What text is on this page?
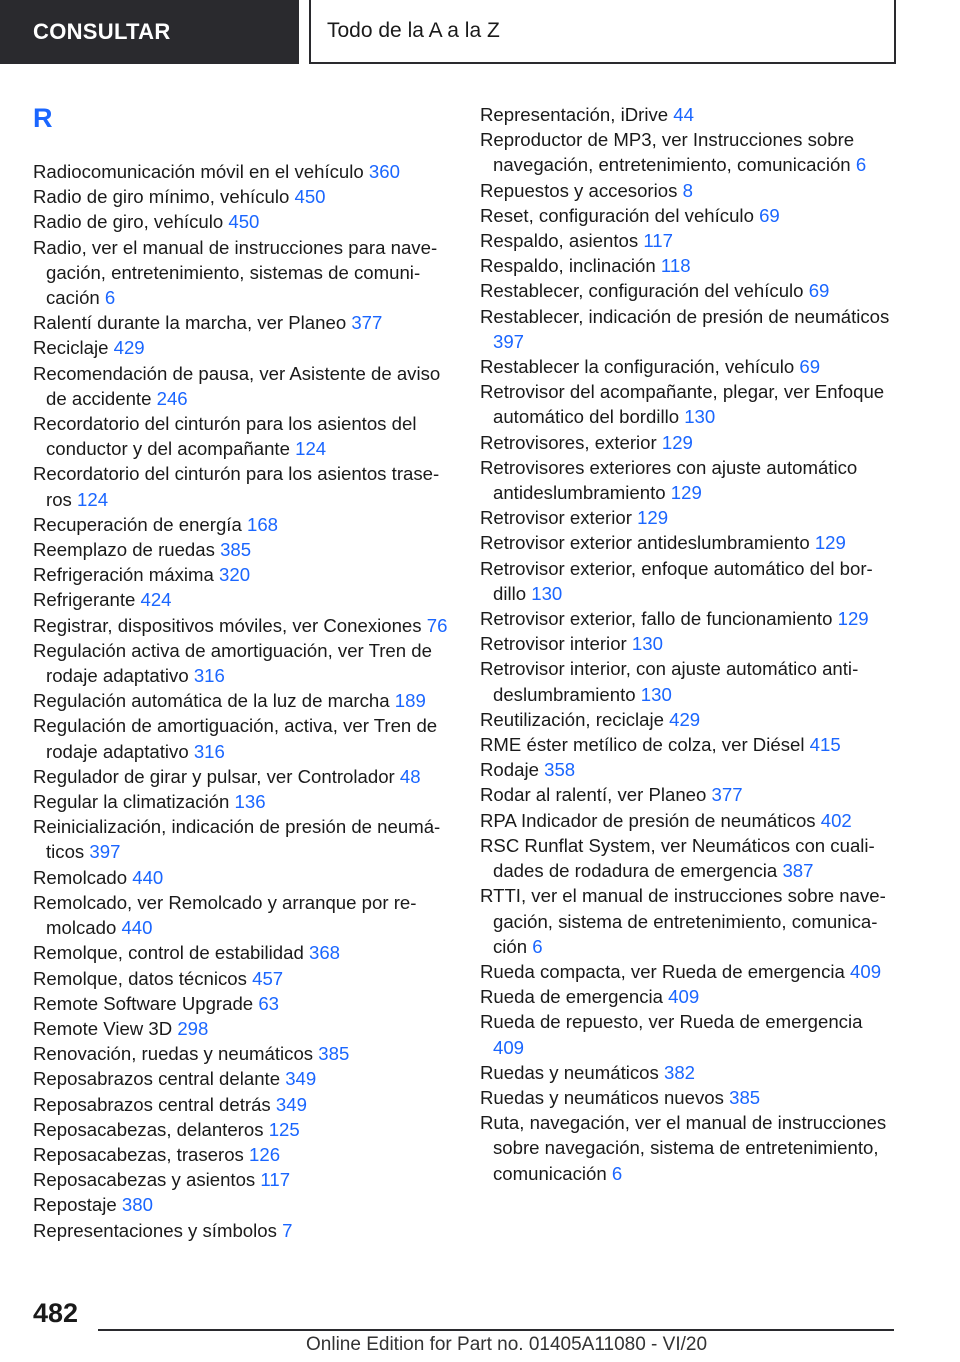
CONSULTAR	Todo de la A a la Z
R
Radiocomunicación móvil en el vehículo 360
Radio de giro mínimo, vehículo 450
Radio de giro, vehículo 450
Radio, ver el manual de instrucciones para navegación, entretenimiento, sistemas de comunicación 6
Ralentí durante la marcha, ver Planeo 377
Reciclaje 429
Recomendación de pausa, ver Asistente de aviso de accidente 246
Recordatorio del cinturón para los asientos del conductor y del acompañante 124
Recordatorio del cinturón para los asientos traseros 124
Recuperación de energía 168
Reemplazo de ruedas 385
Refrigeración máxima 320
Refrigerante 424
Registrar, dispositivos móviles, ver Conexiones 76
Regulación activa de amortiguación, ver Tren de rodaje adaptativo 316
Regulación automática de la luz de marcha 189
Regulación de amortiguación, activa, ver Tren de rodaje adaptativo 316
Regulador de girar y pulsar, ver Controlador 48
Regular la climatización 136
Reinicialización, indicación de presión de neumáticos 397
Remolcado 440
Remolcado, ver Remolcado y arranque por remolcado 440
Remolque, control de estabilidad 368
Remolque, datos técnicos 457
Remote Software Upgrade 63
Remote View 3D 298
Renovación, ruedas y neumáticos 385
Reposabrazos central delante 349
Reposabrazos central detrás 349
Reposacabezas, delanteros 125
Reposacabezas, traseros 126
Reposacabezas y asientos 117
Repostaje 380
Representaciones y símbolos 7
Representación, iDrive 44
Reproductor de MP3, ver Instrucciones sobre navegación, entretenimiento, comunicación 6
Repuestos y accesorios 8
Reset, configuración del vehículo 69
Respaldo, asientos 117
Respaldo, inclinación 118
Restablecer, configuración del vehículo 69
Restablecer, indicación de presión de neumáticos 397
Restablecer la configuración, vehículo 69
Retrovisor del acompañante, plegar, ver Enfoque automático del bordillo 130
Retrovisores, exterior 129
Retrovisores exteriores con ajuste automático antideslumbramiento 129
Retrovisor exterior 129
Retrovisor exterior antideslumbramiento 129
Retrovisor exterior, enfoque automático del bordillo 130
Retrovisor exterior, fallo de funcionamiento 129
Retrovisor interior 130
Retrovisor interior, con ajuste automático antideslumbramiento 130
Reutilización, reciclaje 429
RME éster metílico de colza, ver Diésel 415
Rodaje 358
Rodar al ralentí, ver Planeo 377
RPA Indicador de presión de neumáticos 402
RSC Runflat System, ver Neumáticos con cualidades de rodadura de emergencia 387
RTTI, ver el manual de instrucciones sobre navegación, sistema de entretenimiento, comunicación 6
Rueda compacta, ver Rueda de emergencia 409
Rueda de emergencia 409
Rueda de repuesto, ver Rueda de emergencia 409
Ruedas y neumáticos 382
Ruedas y neumáticos nuevos 385
Ruta, navegación, ver el manual de instrucciones sobre navegación, sistema de entretenimiento, comunicación 6
482
Online Edition for Part no. 01405A11080 - VI/20
